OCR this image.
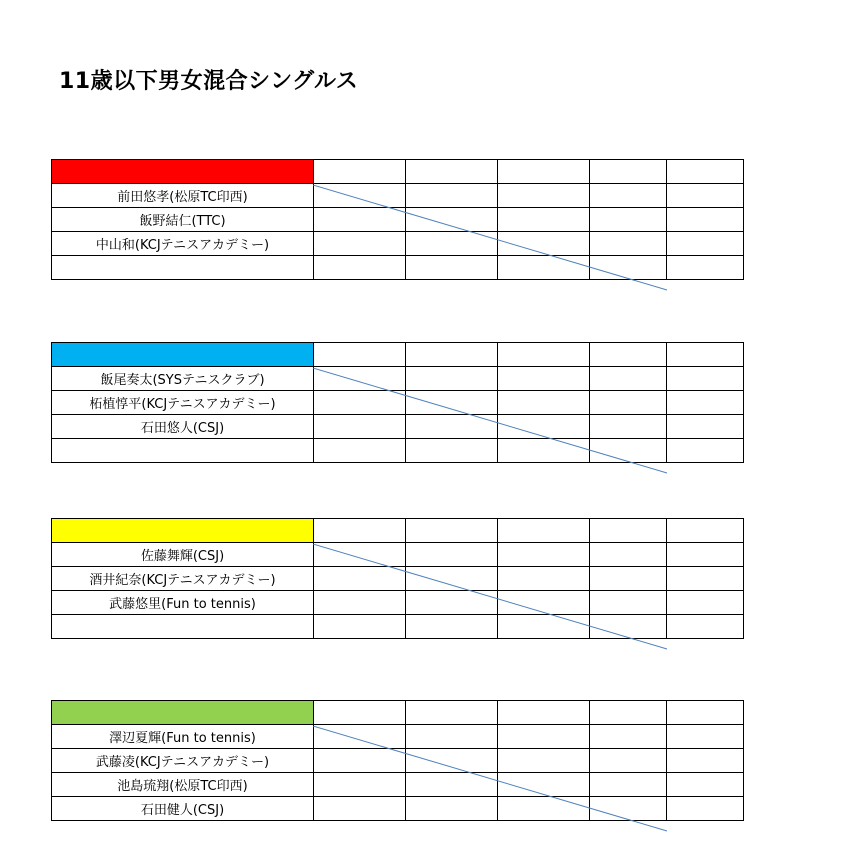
11歳以下男女混合シングルス

前田悠孝(松原TC印西)					
飯野結仁(TTC)					
中山和(KCJテニスアカデミー)					

飯尾奏太(SYSテニスクラブ)					
柘植惇平(KCJテニスアカデミー)					
石田悠人(CSJ)					

佐藤舞輝(CSJ)					
酒井紀奈(KCJテニスアカデミー)					
武藤悠里(Fun to tennis)					

澤辺夏輝(Fun to tennis)					
武藤凌(KCJテニスアカデミー)					
池島琉翔(松原TC印西)					
石田健人(CSJ)					
